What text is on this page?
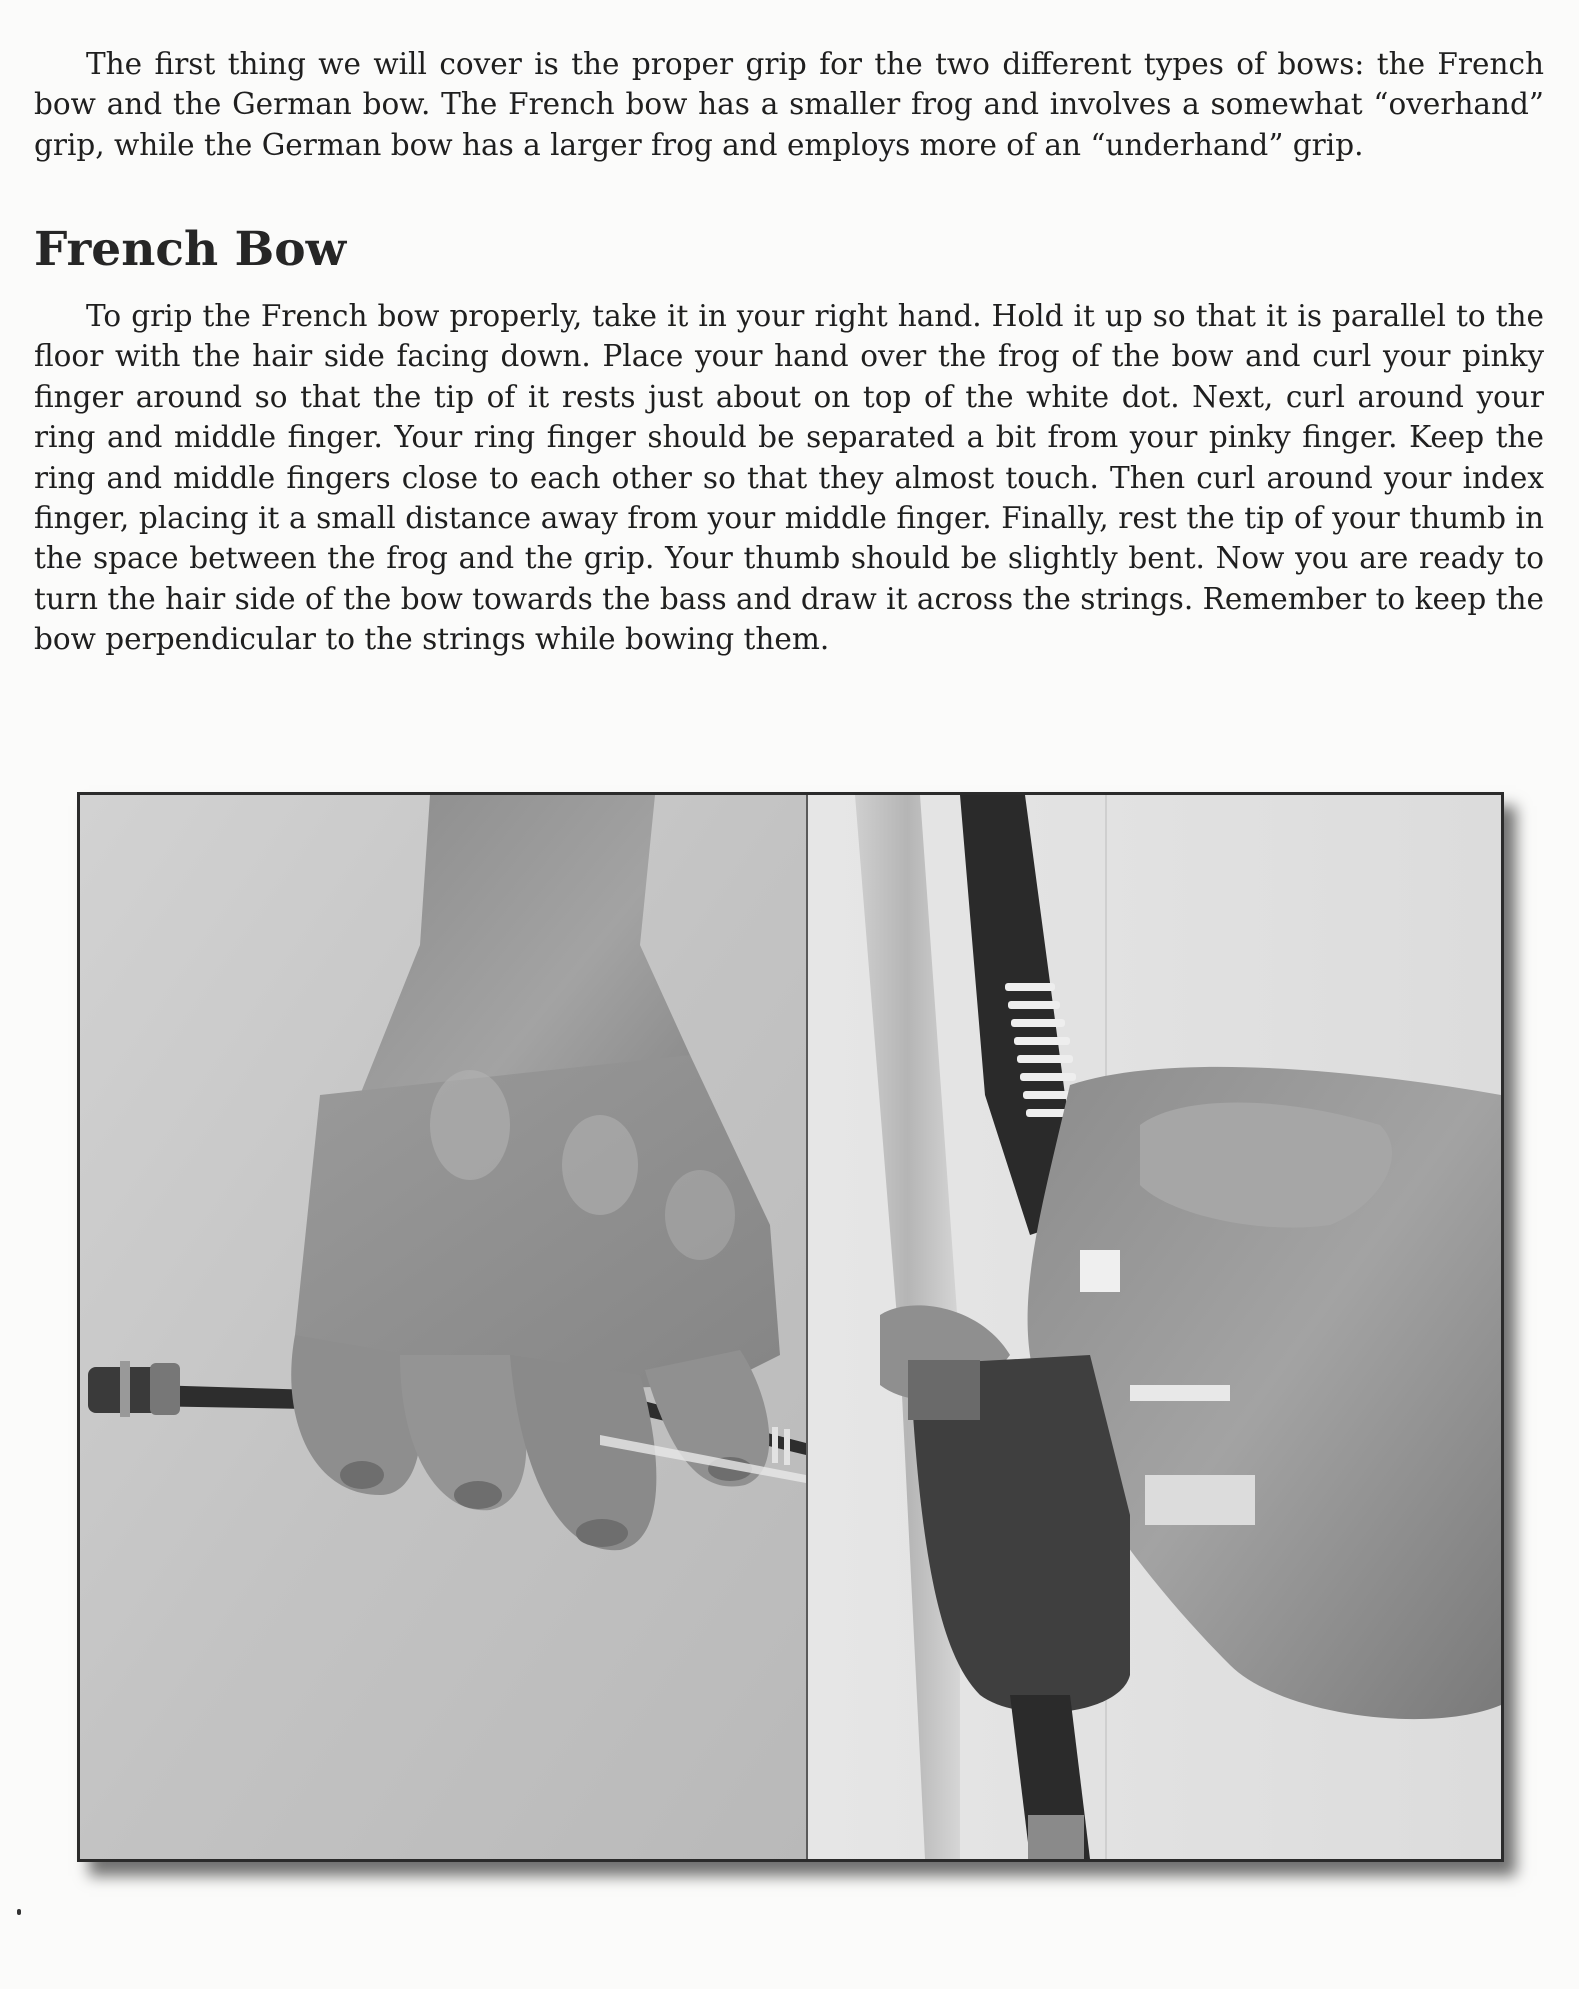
The first thing we will cover is the proper grip for the two different types of bows: the French bow and the German bow. The French bow has a smaller frog and involves a somewhat “overhand” grip, while the German bow has a larger frog and employs more of an “underhand” grip.

French Bow

To grip the French bow properly, take it in your right hand. Hold it up so that it is parallel to the floor with the hair side facing down. Place your hand over the frog of the bow and curl your pinky finger around so that the tip of it rests just about on top of the white dot. Next, curl around your ring and middle finger. Your ring finger should be separated a bit from your pinky finger. Keep the ring and middle fingers close to each other so that they almost touch. Then curl around your index finger, placing it a small distance away from your middle finger. Finally, rest the tip of your thumb in the space between the frog and the grip. Your thumb should be slightly bent. Now you are ready to turn the hair side of the bow towards the bass and draw it across the strings. Remember to keep the bow perpendicular to the strings while bowing them.
